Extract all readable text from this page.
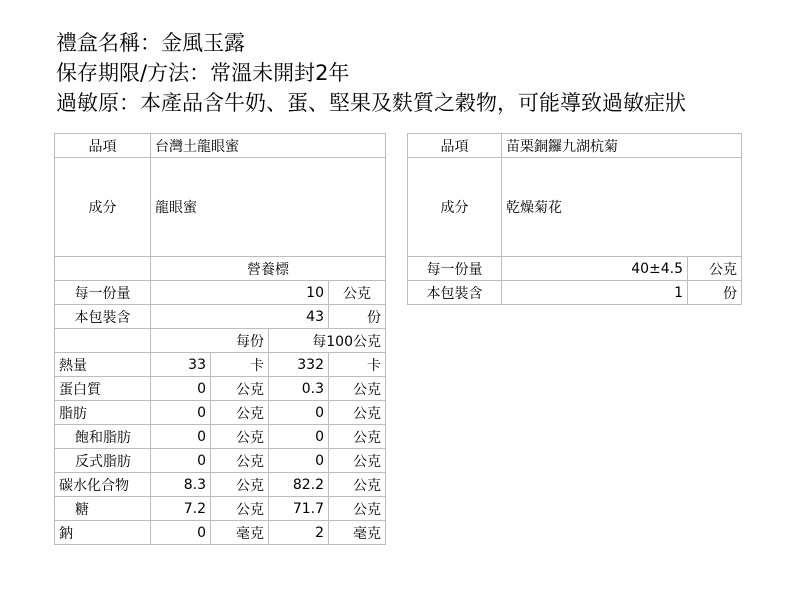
禮盒名稱：金風玉露
保存期限/方法：常溫未開封2年
過敏原：本產品含牛奶、蛋、堅果及麩質之穀物，可能導致過敏症狀
品項	台灣土龍眼蜜			
成分	龍眼蜜			
	營養標			
每一份量	10			公克
本包裝含	43			份
	每份		每100公克	
熱量	33	卡	332	卡
蛋白質	0	公克	0.3	公克
脂肪	0	公克	0	公克
飽和脂肪	0	公克	0	公克
反式脂肪	0	公克	0	公克
碳水化合物	8.3	公克	82.2	公克
糖	7.2	公克	71.7	公克
鈉	0	毫克	2	毫克
品項	苗栗銅鑼九湖杭菊	
成分	乾燥菊花	
每一份量	40±4.5	公克
本包裝含	1	份
